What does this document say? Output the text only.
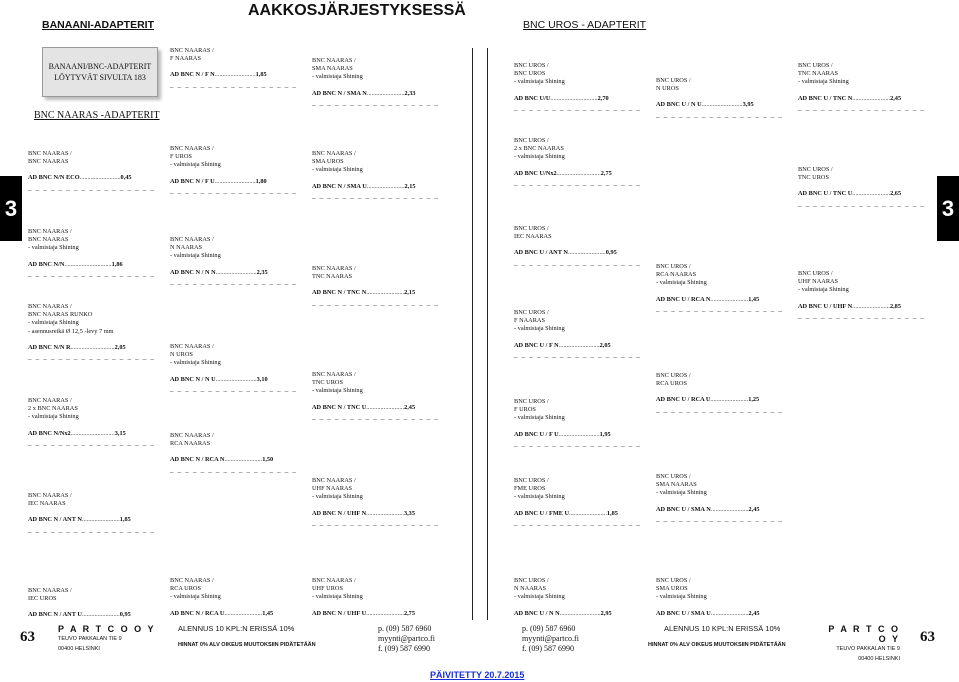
BANAANI-ADAPTERIT
AAKKOSJÄRJESTYKSESSÄ
BNC UROS - ADAPTERIT
BANAANI/BNC-ADAPTERIT
LÖYTYVÄT SIVULTA 183
BNC NAARAS -ADAPTERIT
3	3
BNC NAARAS /
BNC NAARAS
AD BNC N/N ECO..........................0,45
– – – – – – – – – – – – – – – – –
BNC NAARAS /
BNC NAARAS
- valmistaja Shining
AD BNC N/N..............................1,86
– – – – – – – – – – – – – – – – –
BNC NAARAS /
BNC NAARAS RUNKO
- valmistaja Shining
- asennusreikä Ø 12,5 -levy 7 mm
AD BNC N/N R............................2,05
– – – – – – – – – – – – – – – – –
BNC NAARAS /
2 x BNC NAARAS
- valmistaja Shining
AD BNC N/Nx2............................3,15
– – – – – – – – – – – – – – – – –
BNC NAARAS /
IEC NAARAS
AD BNC N / ANT N........................1,85
– – – – – – – – – – – – – – – – –
BNC NAARAS /
IEC UROS
AD BNC N / ANT U........................0,95
BNC NAARAS /
F NAARAS
AD BNC N / F N..........................1,85
– – – – – – – – – – – – – – – – –
BNC NAARAS /
F UROS
- valmistaja Shining
AD BNC N / F U..........................1,80
– – – – – – – – – – – – – – – – –
BNC NAARAS /
N NAARAS
- valmistaja Shining
AD BNC N / N N..........................2,35
– – – – – – – – – – – – – – – – –
BNC NAARAS /
N UROS
- valmistaja Shining
AD BNC N / N U..........................3,10
– – – – – – – – – – – – – – – – –
BNC NAARAS /
RCA NAARAS
AD BNC N / RCA N........................1,50
– – – – – – – – – – – – – – – – –
BNC NAARAS /
RCA UROS
- valmistaja Shining
AD BNC N / RCA U........................1,45
BNC NAARAS /
SMA NAARAS
- valmistaja Shining
AD BNC N / SMA N........................2,33
– – – – – – – – – – – – – – – – –
BNC NAARAS /
SMA UROS
- valmistaja Shining
AD BNC N / SMA U........................2,15
– – – – – – – – – – – – – – – – –
BNC NAARAS /
TNC NAARAS
AD BNC N / TNC N........................2,15
– – – – – – – – – – – – – – – – –
BNC NAARAS /
TNC UROS
- valmistaja Shining
AD BNC N / TNC U........................2,45
– – – – – – – – – – – – – – – – –
BNC NAARAS /
UHF NAARAS
- valmistaja Shining
AD BNC N / UHF N........................3,35
– – – – – – – – – – – – – – – – –
BNC NAARAS /
UHF UROS
- valmistaja Shining
AD BNC N / UHF U........................2,75
BNC UROS /
BNC UROS
- valmistaja Shining
AD BNC U/U..............................2,70
– – – – – – – – – – – – – – – – –
BNC UROS /
2 x BNC NAARAS
- valmistaja Shining
AD BNC U/Nx2............................2,75
– – – – – – – – – – – – – – – – –
BNC UROS /
IEC NAARAS
AD BNC U / ANT N........................0,95
– – – – – – – – – – – – – – – – –
BNC UROS /
F NAARAS
- valmistaja Shining
AD BNC U / F N..........................2,05
– – – – – – – – – – – – – – – – –
BNC UROS /
F UROS
- valmistaja Shining
AD BNC U / F U..........................1,95
– – – – – – – – – – – – – – – – –
BNC UROS /
FME UROS
- valmistaja Shining
AD BNC U / FME U........................1,85
– – – – – – – – – – – – – – – – –
BNC UROS /
N NAARAS
- valmistaja Shining
AD BNC U / N N..........................2,95
BNC UROS /
N UROS
AD BNC U / N U..........................3,95
– – – – – – – – – – – – – – – – –
BNC UROS /
RCA NAARAS
- valmistaja Shining
AD BNC U / RCA N........................1,45
– – – – – – – – – – – – – – – – –
BNC UROS /
RCA UROS
AD BNC U / RCA U........................1,25
– – – – – – – – – – – – – – – – –
BNC UROS /
SMA NAARAS
- valmistaja Shining
AD BNC U / SMA N........................2,45
– – – – – – – – – – – – – – – – –
BNC UROS /
SMA UROS
- valmistaja Shining
AD BNC U / SMA U........................2,45
BNC UROS /
TNC NAARAS
- valmistaja Shining
AD BNC U / TNC N........................2,45
– – – – – – – – – – – – – – – – –
BNC UROS /
TNC UROS
AD BNC U / TNC U........................2,65
– – – – – – – – – – – – – – – – –
BNC UROS /
UHF NAARAS
- valmistaja Shining
AD BNC U / UHF N........................2,85
– – – – – – – – – – – – – – – – –
63	63
P A R T C O O Y
TEUVO PAKKALAN TIE 9
00400 HELSINKI
ALENNUS 10 KPL:N ERISSÄ 10%
HINNAT 0% ALV OIKEUS MUUTOKSIIN PIDÄTETÄÄN
p. (09) 587 6960
myynti@partco.fi
f. (09) 587 6990
p. (09) 587 6960
myynti@partco.fi
f. (09) 587 6990
ALENNUS 10 KPL:N ERISSÄ 10%
HINNAT 0% ALV OIKEUS MUUTOKSIIN PIDÄTETÄÄN
P A R T C O O Y
TEUVO PAKKALAN TIE 9
00400 HELSINKI
PÄIVITETTY 20.7.2015
